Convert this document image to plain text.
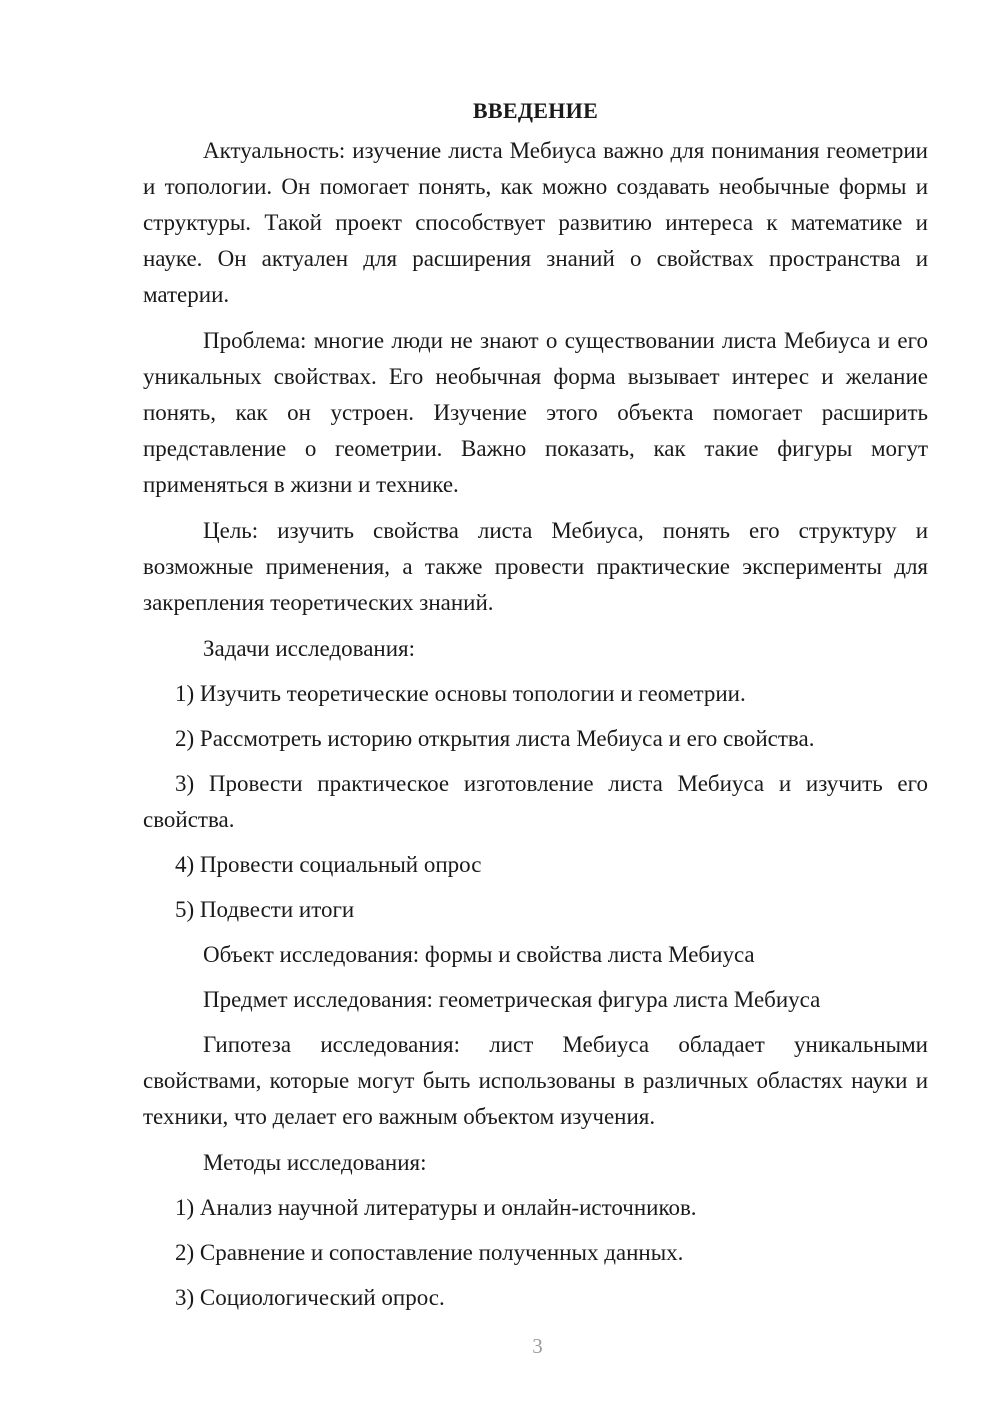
ВВЕДЕНИЕ

Актуальность: изучение листа Мебиуса важно для понимания геометрии и топологии. Он помогает понять, как можно создавать необычные формы и структуры. Такой проект способствует развитию интереса к математике и науке. Он актуален для расширения знаний о свойствах пространства и материи.

Проблема: многие люди не знают о существовании листа Мебиуса и его уникальных свойствах. Его необычная форма вызывает интерес и желание понять, как он устроен. Изучение этого объекта помогает расширить представление о геометрии. Важно показать, как такие фигуры могут применяться в жизни и технике.

Цель: изучить свойства листа Мебиуса, понять его структуру и возможные применения, а также провести практические эксперименты для закрепления теоретических знаний.

Задачи исследования:

1) Изучить теоретические основы топологии и геометрии.

2) Рассмотреть историю открытия листа Мебиуса и его свойства.

3) Провести практическое изготовление листа Мебиуса и изучить его свойства.

4) Провести социальный опрос

5) Подвести итоги

Объект исследования: формы и свойства листа Мебиуса

Предмет исследования: геометрическая фигура листа Мебиуса

Гипотеза исследования: лист Мебиуса обладает уникальными свойствами, которые могут быть использованы в различных областях науки и техники, что делает его важным объектом изучения.

Методы исследования:

1) Анализ научной литературы и онлайн-источников.

2) Сравнение и сопоставление полученных данных.

3) Социологический опрос.

3
